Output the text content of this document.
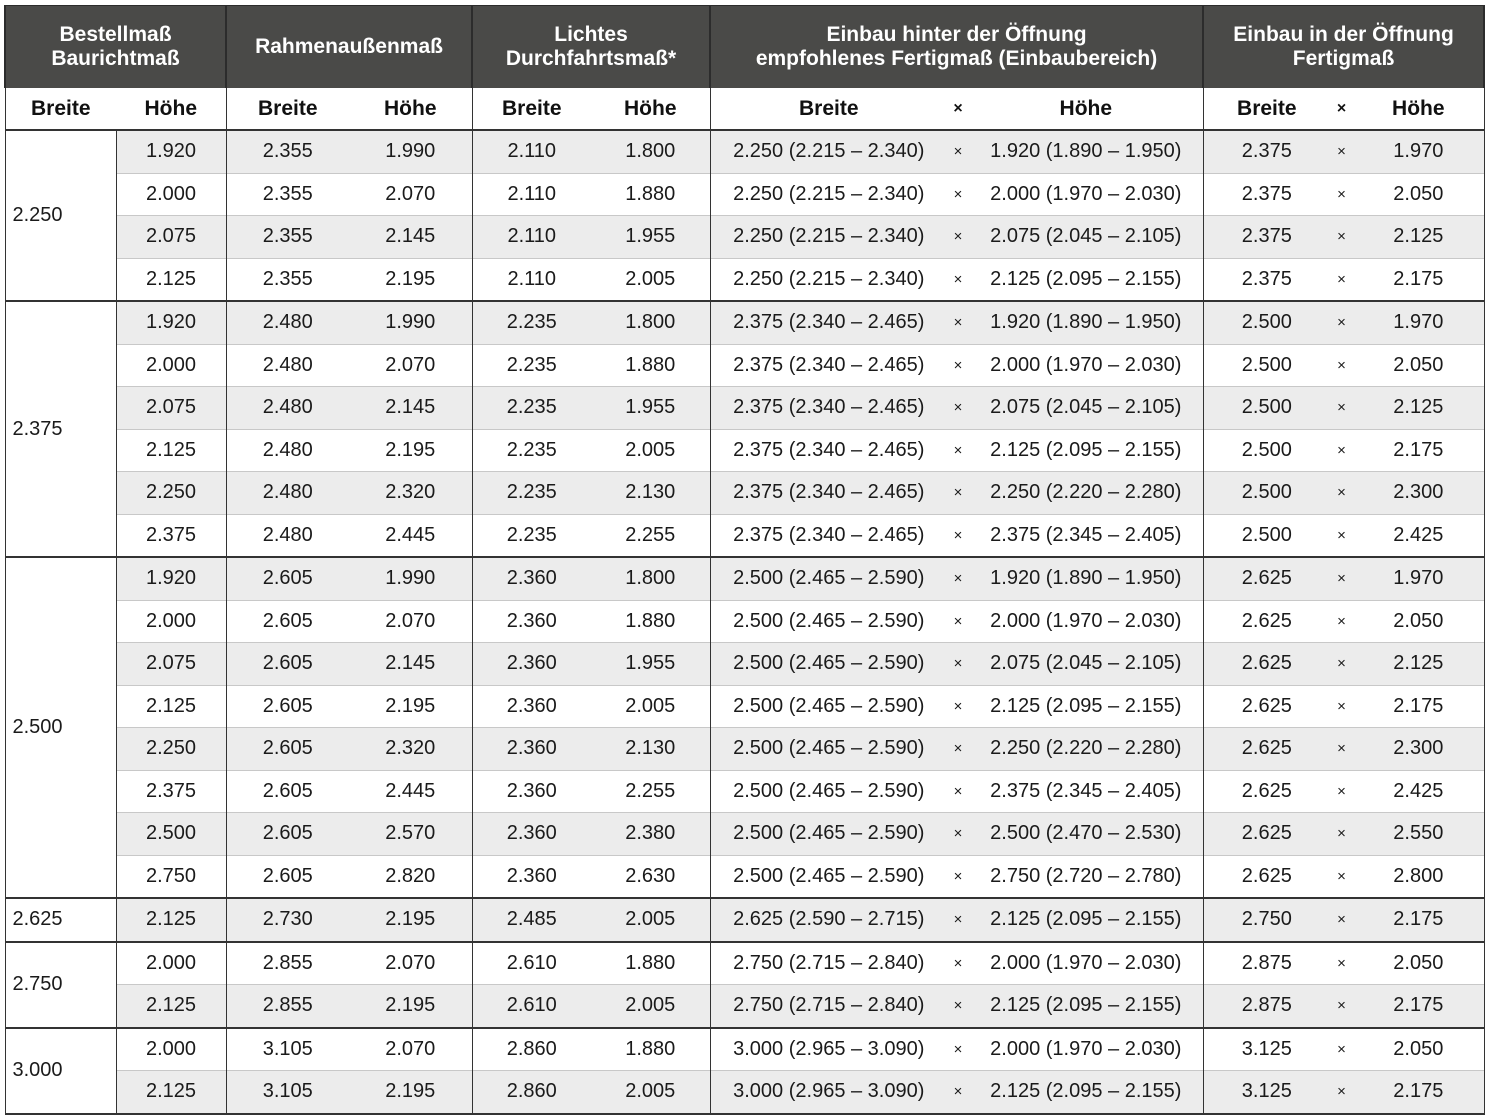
Bestellmaß
Baurichtmaß		Rahmenaußenmaß		Lichtes
Durchfahrtsmaß*		Einbau hinter der Öffnung
empfohlenes Fertigmaß (Einbaubereich)			Einbau in der Öffnung
Fertigmaß		
Breite	Höhe	Breite	Höhe	Breite	Höhe	Breite	×	Höhe	Breite	×	Höhe
2.250	1.920	2.355	1.990	2.110	1.800	2.250 (2.215 – 2.340)	×	1.920 (1.890 – 1.950)	2.375	×	1.970
	2.000	2.355	2.070	2.110	1.880	2.250 (2.215 – 2.340)	×	2.000 (1.970 – 2.030)	2.375	×	2.050
	2.075	2.355	2.145	2.110	1.955	2.250 (2.215 – 2.340)	×	2.075 (2.045 – 2.105)	2.375	×	2.125
	2.125	2.355	2.195	2.110	2.005	2.250 (2.215 – 2.340)	×	2.125 (2.095 – 2.155)	2.375	×	2.175
2.375	1.920	2.480	1.990	2.235	1.800	2.375 (2.340 – 2.465)	×	1.920 (1.890 – 1.950)	2.500	×	1.970
	2.000	2.480	2.070	2.235	1.880	2.375 (2.340 – 2.465)	×	2.000 (1.970 – 2.030)	2.500	×	2.050
	2.075	2.480	2.145	2.235	1.955	2.375 (2.340 – 2.465)	×	2.075 (2.045 – 2.105)	2.500	×	2.125
	2.125	2.480	2.195	2.235	2.005	2.375 (2.340 – 2.465)	×	2.125 (2.095 – 2.155)	2.500	×	2.175
	2.250	2.480	2.320	2.235	2.130	2.375 (2.340 – 2.465)	×	2.250 (2.220 – 2.280)	2.500	×	2.300
	2.375	2.480	2.445	2.235	2.255	2.375 (2.340 – 2.465)	×	2.375 (2.345 – 2.405)	2.500	×	2.425
2.500	1.920	2.605	1.990	2.360	1.800	2.500 (2.465 – 2.590)	×	1.920 (1.890 – 1.950)	2.625	×	1.970
	2.000	2.605	2.070	2.360	1.880	2.500 (2.465 – 2.590)	×	2.000 (1.970 – 2.030)	2.625	×	2.050
	2.075	2.605	2.145	2.360	1.955	2.500 (2.465 – 2.590)	×	2.075 (2.045 – 2.105)	2.625	×	2.125
	2.125	2.605	2.195	2.360	2.005	2.500 (2.465 – 2.590)	×	2.125 (2.095 – 2.155)	2.625	×	2.175
	2.250	2.605	2.320	2.360	2.130	2.500 (2.465 – 2.590)	×	2.250 (2.220 – 2.280)	2.625	×	2.300
	2.375	2.605	2.445	2.360	2.255	2.500 (2.465 – 2.590)	×	2.375 (2.345 – 2.405)	2.625	×	2.425
	2.500	2.605	2.570	2.360	2.380	2.500 (2.465 – 2.590)	×	2.500 (2.470 – 2.530)	2.625	×	2.550
	2.750	2.605	2.820	2.360	2.630	2.500 (2.465 – 2.590)	×	2.750 (2.720 – 2.780)	2.625	×	2.800
2.625	2.125	2.730	2.195	2.485	2.005	2.625 (2.590 – 2.715)	×	2.125 (2.095 – 2.155)	2.750	×	2.175
2.750	2.000	2.855	2.070	2.610	1.880	2.750 (2.715 – 2.840)	×	2.000 (1.970 – 2.030)	2.875	×	2.050
	2.125	2.855	2.195	2.610	2.005	2.750 (2.715 – 2.840)	×	2.125 (2.095 – 2.155)	2.875	×	2.175
3.000	2.000	3.105	2.070	2.860	1.880	3.000 (2.965 – 3.090)	×	2.000 (1.970 – 2.030)	3.125	×	2.050
	2.125	3.105	2.195	2.860	2.005	3.000 (2.965 – 3.090)	×	2.125 (2.095 – 2.155)	3.125	×	2.175
